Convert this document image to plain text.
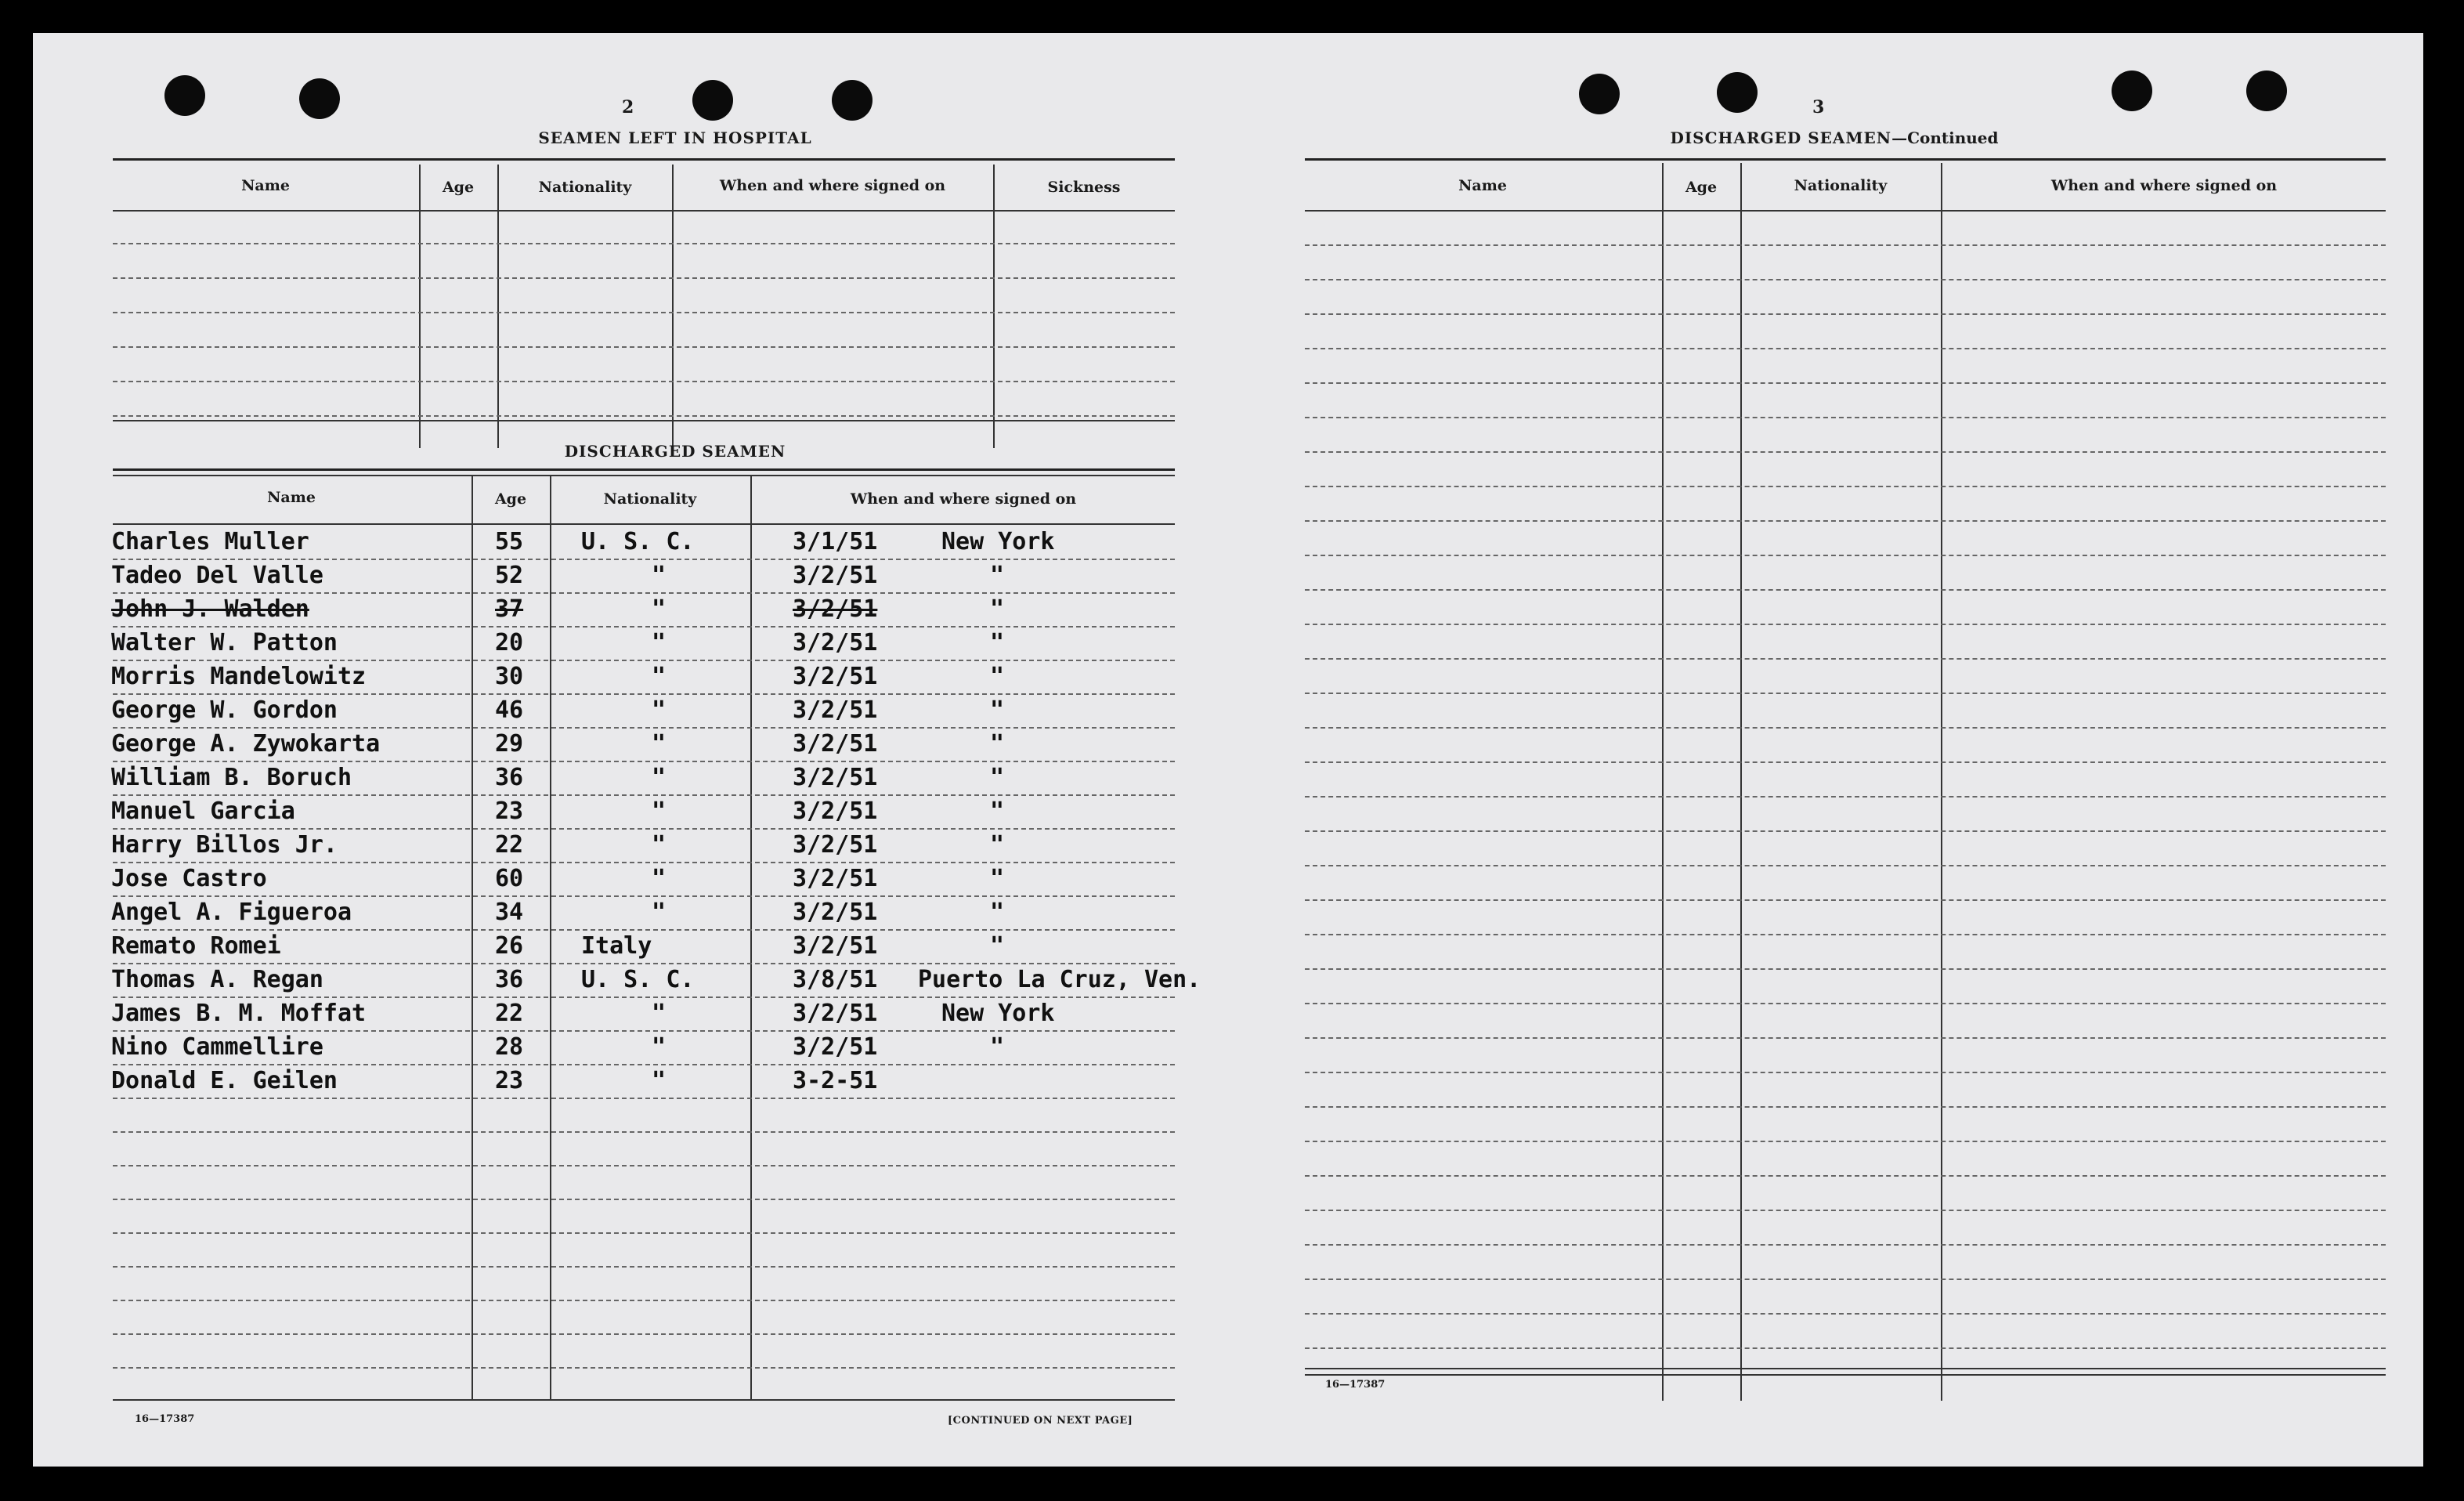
2
SEAMEN LEFT IN HOSPITAL
Name	Age	Nationality	When and where signed on	Sickness
DISCHARGED SEAMEN
Name	Age	Nationality	When and where signed on
Charles Muller	55 U. S. C.	3/1/51	New York
Tadeo Del Valle	52	"	3/2/51	"
John J. Walden	37	"	3/2/51	"
Walter W. Patton	20	"	3/2/51	"
Morris Mandelowitz	30	"	3/2/51	"
George W. Gordon	46	"	3/2/51	"
George A. Zywokarta	29	"	3/2/51	"
William B. Boruch	36	"	3/2/51	"
Manuel Garcia	23	"	3/2/51	"
Harry Billos Jr.	22	"	3/2/51	"
Jose Castro	60	"	3/2/51	"
Angel A. Figueroa	34	"	3/2/51	"
Remato Romei	26 Italy	3/2/51	"
Thomas A. Regan	36 U. S. C.	3/8/51 Puerto La Cruz, Ven.
James B. M. Moffat	22	"	3/2/51	New York
Nino Cammellire	28	"	3/2/51	"
Donald E. Geilen	23	"	3-2-51
16—17387	[CONTINUED ON NEXT PAGE]
3
DISCHARGED SEAMEN—Continued
Name	Age	Nationality	When and where signed on
16—17387
